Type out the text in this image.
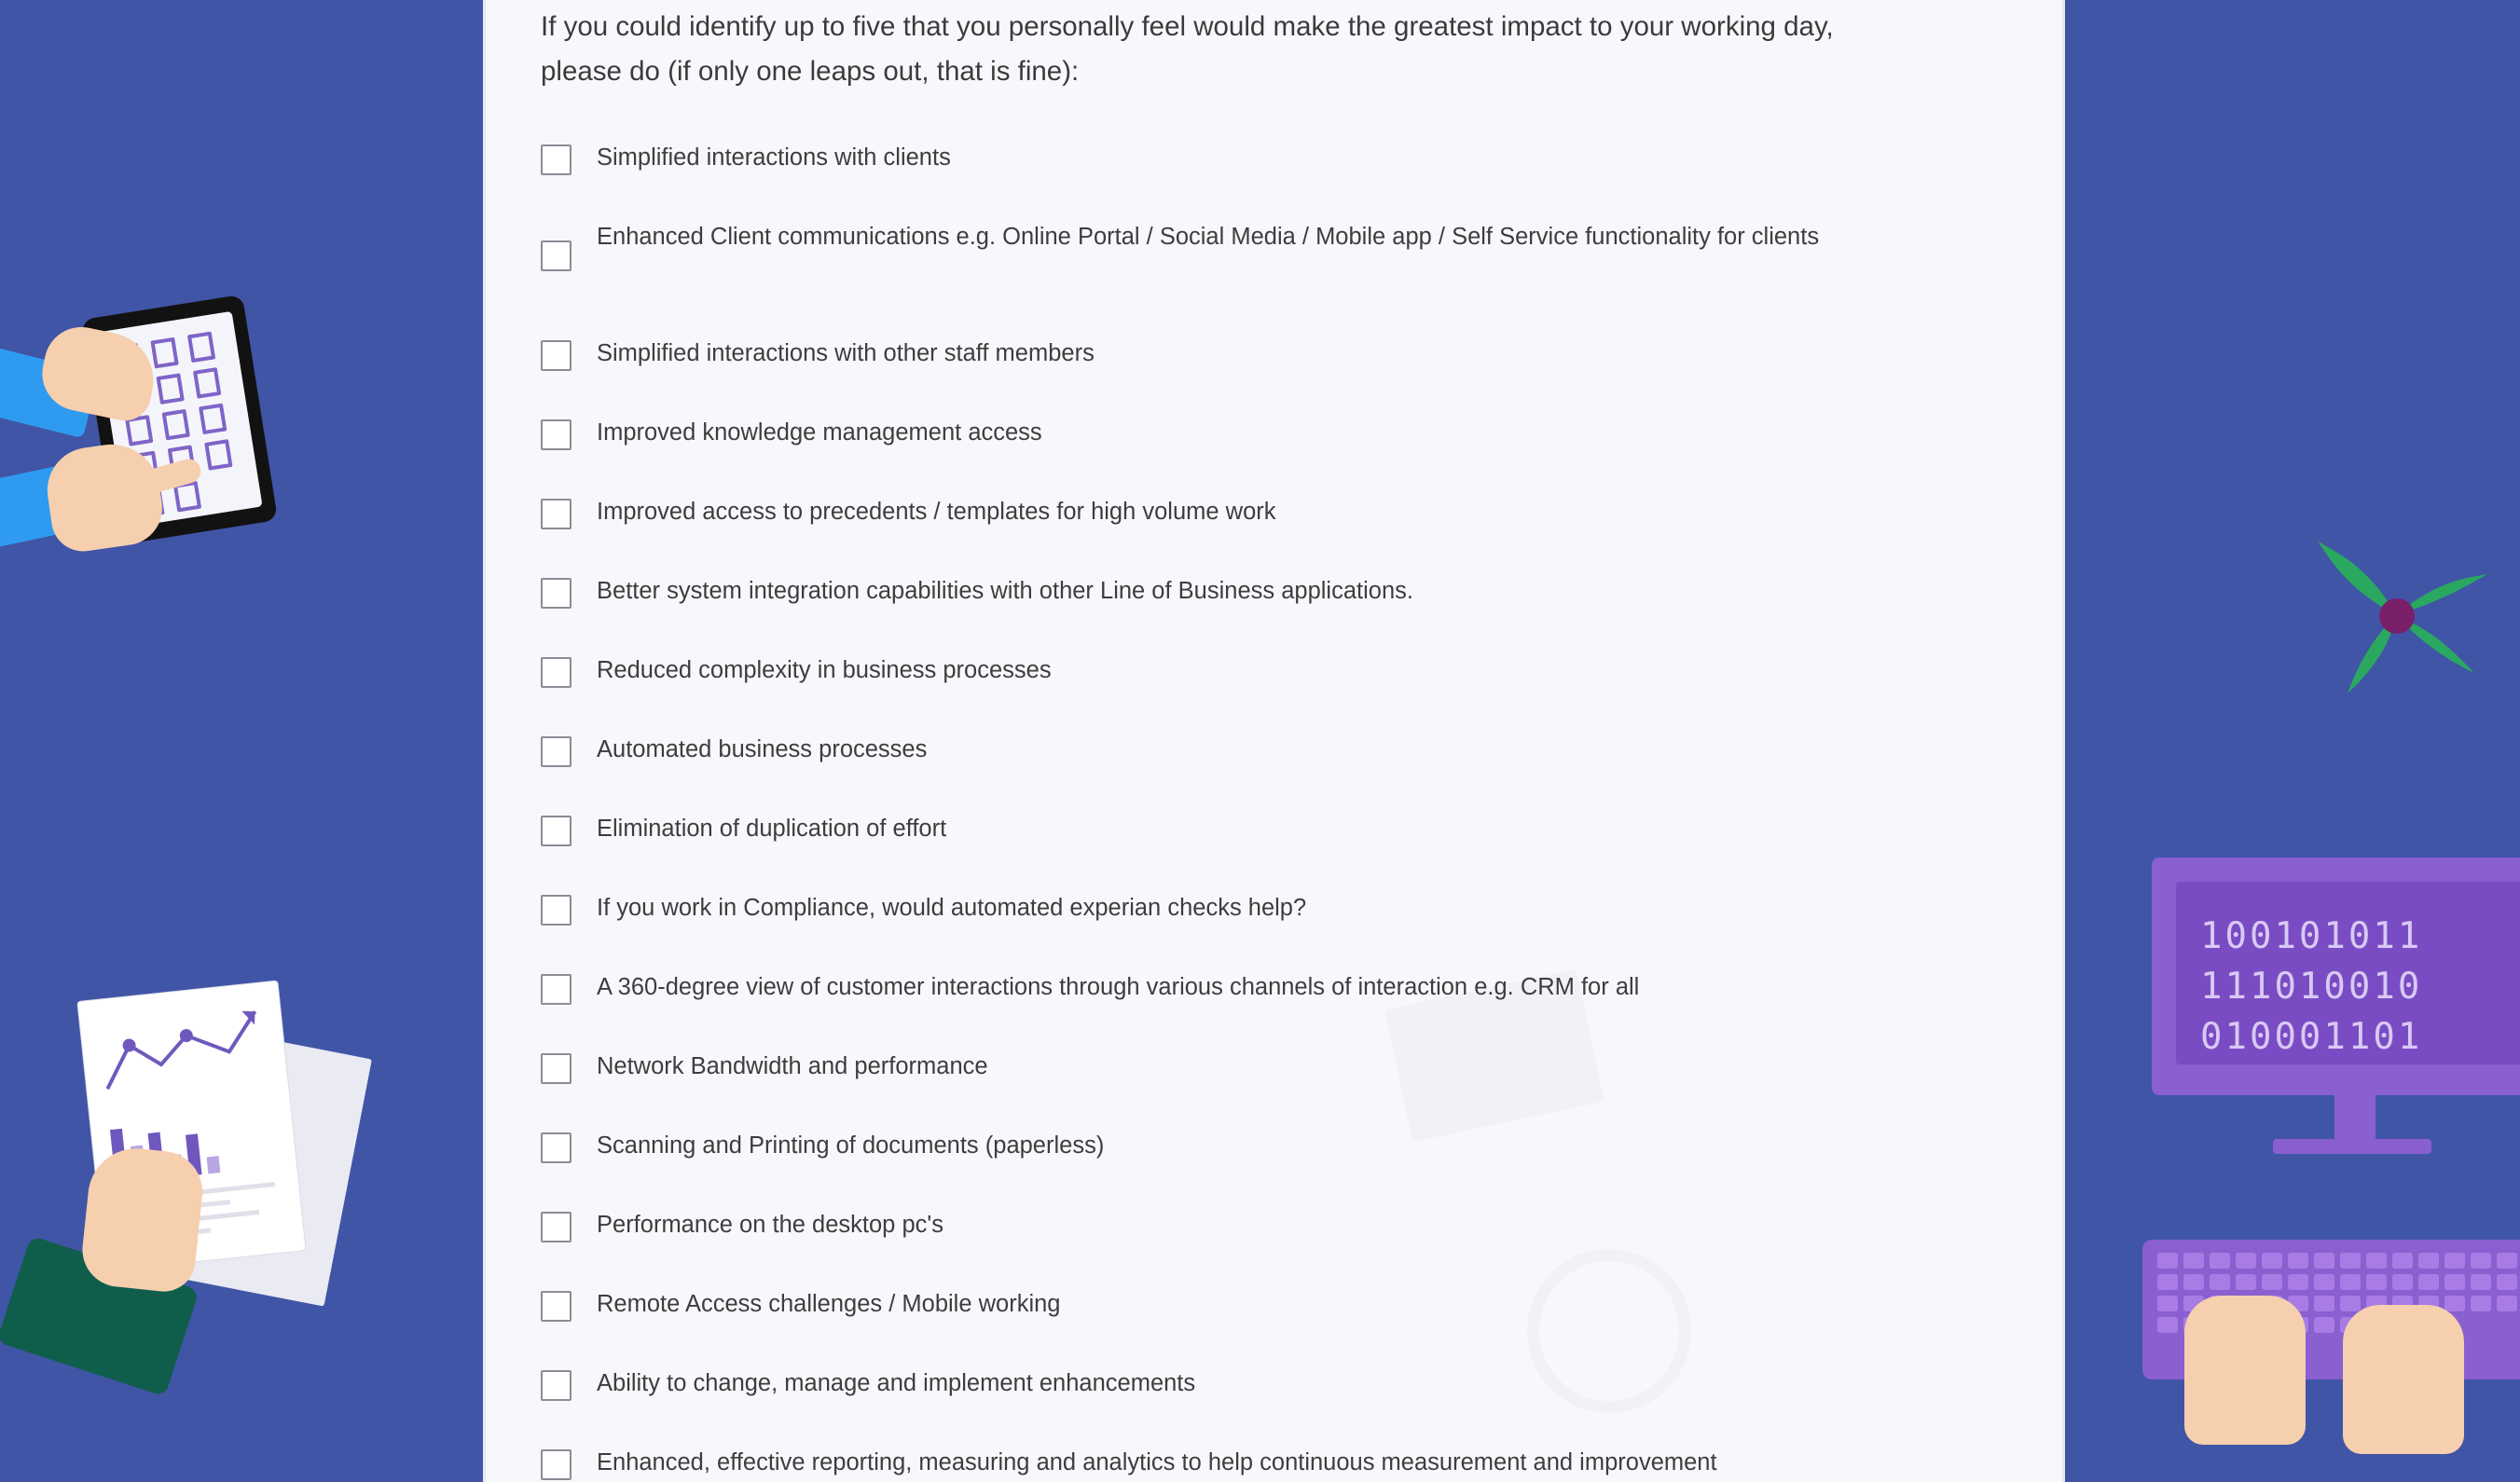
100101011
111010010
010001101

If you could identify up to five that you personally feel would make the greatest impact to your working day, please do (if only one leaps out, that is fine):

Simplified interactions with clients
Enhanced Client communications e.g. Online Portal / Social Media / Mobile app / Self Service functionality for clients
Simplified interactions with other staff members
Improved knowledge management access
Improved access to precedents / templates for high volume work
Better system integration capabilities with other Line of Business applications.
Reduced complexity in business processes
Automated business processes
Elimination of duplication of effort
If you work in Compliance, would automated experian checks help?
A 360-degree view of customer interactions through various channels of interaction e.g. CRM for all
Network Bandwidth and performance
Scanning and Printing of documents (paperless)
Performance on the desktop pc's
Remote Access challenges / Mobile working
Ability to change, manage and implement enhancements
Enhanced, effective reporting, measuring and analytics to help continuous measurement and improvement
